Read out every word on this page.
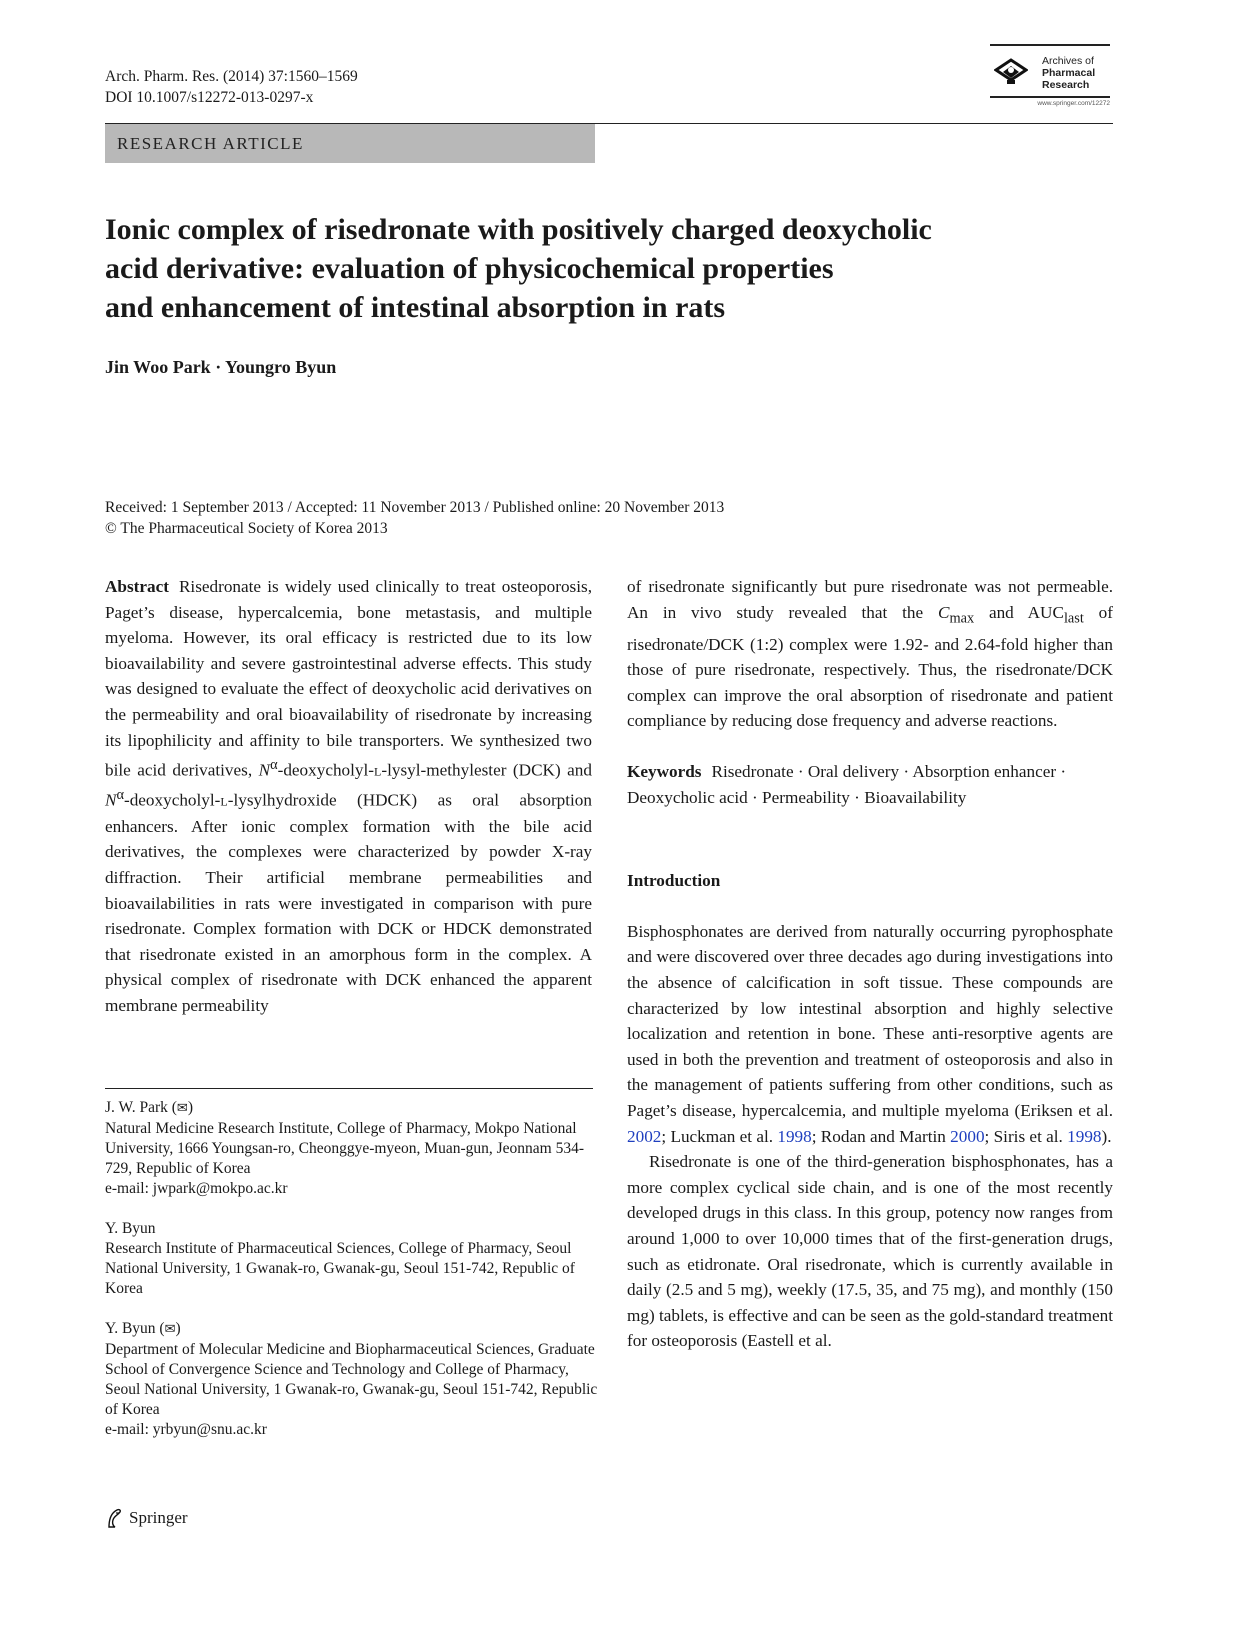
Arch. Pharm. Res. (2014) 37:1560–1569
DOI 10.1007/s12272-013-0297-x
Archives of
Pharmacal
Research
www.springer.com/12272
RESEARCH ARTICLE
Ionic complex of risedronate with positively charged deoxycholic
acid derivative: evaluation of physicochemical properties
and enhancement of intestinal absorption in rats
Jin Woo Park · Youngro Byun
Received: 1 September 2013 / Accepted: 11 November 2013 / Published online: 20 November 2013
© The Pharmaceutical Society of Korea 2013

Abstract Risedronate is widely used clinically to treat osteoporosis, Paget’s disease, hypercalcemia, bone metastasis, and multiple myeloma. However, its oral efficacy is restricted due to its low bioavailability and severe gastrointestinal adverse effects. This study was designed to evaluate the effect of deoxycholic acid derivatives on the permeability and oral bioavailability of risedronate by increasing its lipophilicity and affinity to bile transporters. We synthesized two bile acid derivatives, $N^\alpha-deoxycholyl-l-lysyl$-methylester (DCK) and $N^\alpha-deoxycholyl-l$-lysylhydroxide (HDCK) as oral absorption enhancers. After ionic complex formation with the bile acid derivatives, the complexes were characterized by powder X-ray diffraction. Their artificial membrane permeabilities and bioavailabilities in rats were investigated in comparison with pure risedronate. Complex formation with DCK or HDCK demonstrated that risedronate existed in an amorphous form in the complex. A physical complex of risedronate with DCK enhanced the apparent membrane permeability

of risedronate significantly but pure risedronate was not permeable. An in vivo study revealed that the $C_{max}$ and $AUC_{last}$ of risedronate/DCK (1:2) complex were 1.92- and 2.64-fold higher than those of pure risedronate, respectively. Thus, the risedronate/DCK complex can improve the oral absorption of risedronate and patient compliance by reducing dose frequency and adverse reactions.

Keywords Risedronate · Oral delivery · Absorption enhancer · Deoxycholic acid · Permeability · Bioavailability

Introduction

Bisphosphonates are derived from naturally occurring pyrophosphate and were discovered over three decades ago during investigations into the absence of calcification in soft tissue. These compounds are characterized by low intestinal absorption and highly selective localization and retention in bone. These anti-resorptive agents are used in both the prevention and treatment of osteoporosis and also in the management of patients suffering from other conditions, such as Paget’s disease, hypercalcemia, and multiple myeloma (Eriksen et al. 2002; Luckman et al. 1998; Rodan and Martin 2000; Siris et al. 1998).

Risedronate is one of the third-generation bisphosphonates, has a more complex cyclical side chain, and is one of the most recently developed drugs in this class. In this group, potency now ranges from around 1,000 to over 10,000 times that of the first-generation drugs, such as etidronate. Oral risedronate, which is currently available in daily (2.5 and 5 mg), weekly (17.5, 35, and 75 mg), and monthly (150 mg) tablets, is effective and can be seen as the gold-standard treatment for osteoporosis (Eastell et al.

J. W. Park (✉)
Natural Medicine Research Institute, College of Pharmacy, Mokpo National University, 1666 Youngsan-ro, Cheonggye-myeon, Muan-gun, Jeonnam 534-729, Republic of Korea
e-mail: jwpark@mokpo.ac.kr
Y. Byun
Research Institute of Pharmaceutical Sciences, College of Pharmacy, Seoul National University, 1 Gwanak-ro, Gwanak-gu, Seoul 151-742, Republic of Korea
Y. Byun (✉)
Department of Molecular Medicine and Biopharmaceutical Sciences, Graduate School of Convergence Science and Technology and College of Pharmacy, Seoul National University, 1 Gwanak-ro, Gwanak-gu, Seoul 151-742, Republic of Korea
e-mail: yrbyun@snu.ac.kr
Springer
